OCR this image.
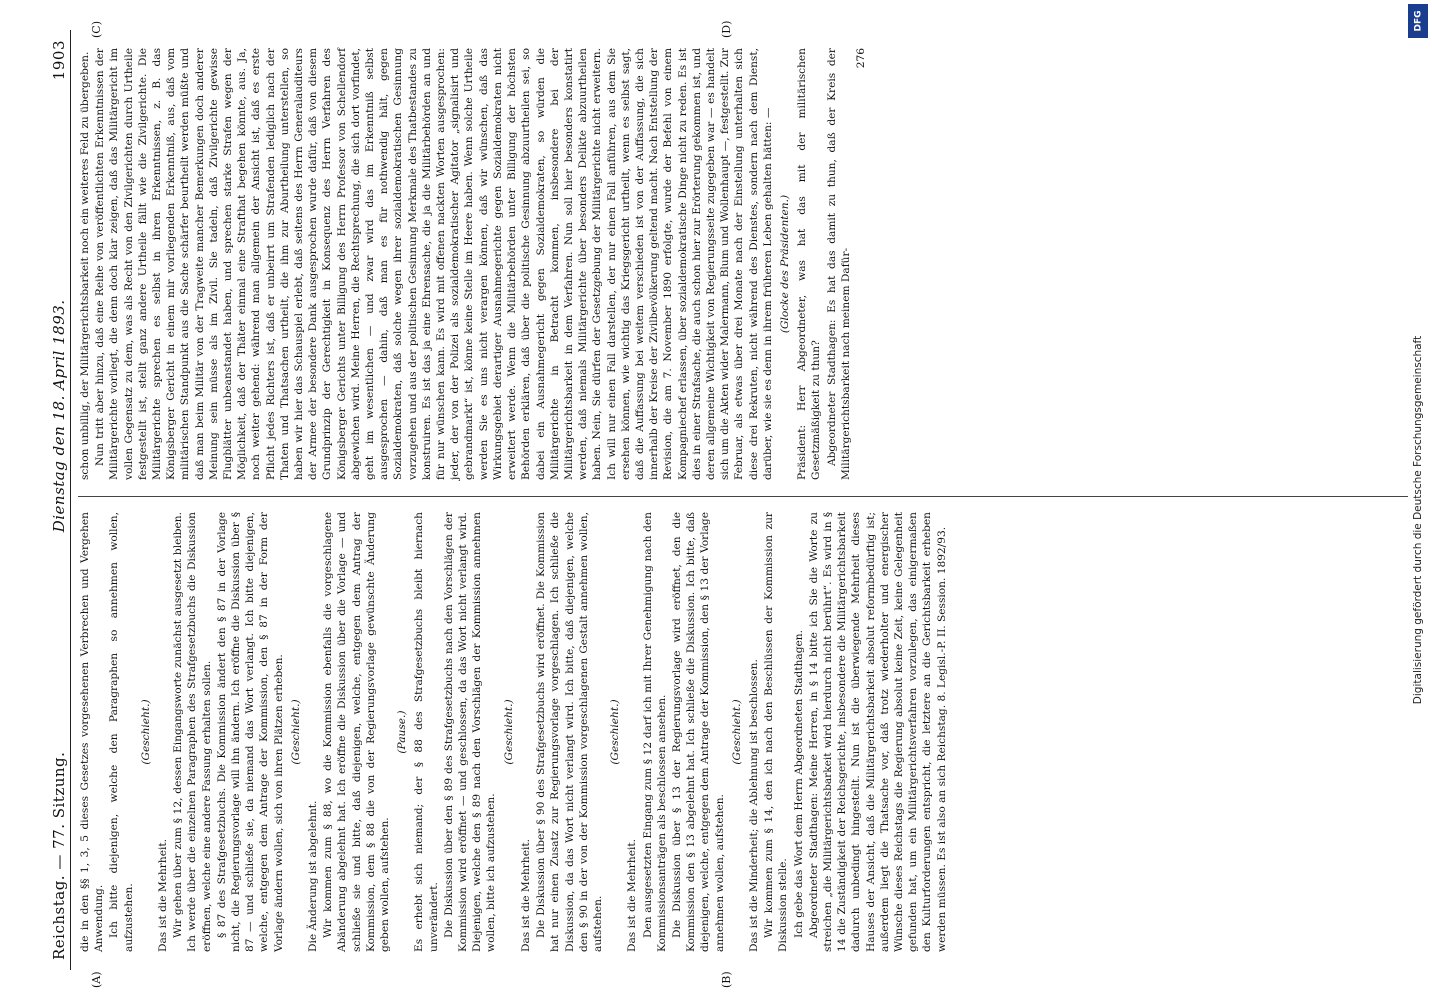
Reichstag. — 77. Sitzung.
Dienstag den 18. April 1893.
1903
(A)	(B)
(C)	(D)

die in den §§ 1, 3, 5 dieses Gesetzes vorgesehenen Verbrechen und Vergehen Anwendung. Ich bitte diejenigen, welche den Paragraphen so annehmen wollen, aufzustehen.

(Geschieht.)

Das ist die Mehrheit. Wir gehen über zum § 12, dessen Eingangsworte zunächst ausgesetzt bleiben. Ich werde über die einzelnen Paragraphen des Strafgesetzbuchs die Diskussion eröffnen, welche eine andere Fassung erhalten sollen. § 87 des Strafgesetzbuchs. Die Kommission ändert den § 87 in der Vorlage nicht, die Regierungsvorlage will ihn ändern. Ich eröffne die Diskussion über § 87 — und schließe sie, da niemand das Wort verlangt. Ich bitte diejenigen, welche, entgegen dem Antrage der Kommission, den § 87 in der Form der Vorlage ändern wollen, sich von ihren Plätzen erheben. (Geschieht.)

Die Änderung ist abgelehnt. Wir kommen zum § 88, wo die Kommission ebenfalls die vorgeschlagene Abänderung abgelehnt hat. Ich eröffne die Diskussion über die Vorlage — und schließe sie und bitte, daß diejenigen, welche, entgegen dem Antrag der Kommission, dem § 88 die von der Regierungsvorlage gewünschte Änderung geben wollen, aufstehen.

(Pause.) Es erhebt sich niemand; der § 88 des Strafgesetzbuchs bleibt hiernach unverändert. Die Diskussion über den § 89 des Strafgesetzbuchs nach den Vorschlägen der Kommission wird eröffnet — und geschlossen, da das Wort nicht verlangt wird. Diejenigen, welche den § 89 nach den Vorschlägen der Kommission annehmen wollen, bitte ich aufzustehen.

(Geschieht.)

Das ist die Mehrheit. Die Diskussion über § 90 des Strafgesetzbuchs wird eröffnet. Die Kommission hat nur einen Zusatz zur Regierungsvorlage vorgeschlagen. Ich schließe die Diskussion, da das Wort nicht verlangt wird. Ich bitte, daß diejenigen, welche den § 90 in der von der Kommission vorgeschlagenen Gestalt annehmen wollen, aufstehen.

(Geschieht.)

Das ist die Mehrheit. Den ausgesetzten Eingang zum § 12 darf ich mit Ihrer Genehmigung nach den Kommissionsanträgen als beschlossen ansehen. Die Diskussion über § 13 der Regierungsvorlage wird eröffnet, den die Kommission den § 13 abgelehnt hat. Ich schließe die Diskussion. Ich bitte, daß diejenigen, welche, entgegen dem Antrage der Kommission, den § 13 der Vorlage annehmen wollen, aufstehen.

(Geschieht.) Das ist die Minderheit; die Ablehnung ist beschlossen. Wir kommen zum § 14, den ich nach den Beschlüssen der Kommission zur Diskussion stelle. Ich gebe das Wort dem Herrn Abgeordneten Stadthagen. Abgeordneter Stadthagen: Meine Herren, in § 14 bitte ich Sie die Worte zu streichen „die Militärgerichtsbarkeit wird hierdurch nicht berührt“. Es wird in § 14 die Zuständigkeit der Reichsgerichte, insbesondere die Militärgerichtsbarkeit dadurch unbedingt hingestellt. Nun ist die überwiegende Mehrheit dieses Hauses der Ansicht, daß die Militärgerichtsbarkeit absolut reformbedürftig ist; außerdem liegt die Thatsache vor, daß trotz wiederholter und energischer Wünsche dieses Reichstags die Regierung absolut keine Zeit, keine Gelegenheit gefunden hat, um ein Militärgerichtsverfahren vorzulegen, das einigermaßen den Kulturforderungen entspricht, die letztere an die Gerichtsbarkeit erheben werden müssen. Es ist also an sich Reichstag. 8. Legisl.-P. II. Session. 1892/93.

schon unbillig, der Militärgerichtsbarkeit noch ein weiteres Feld zu übergeben. Nun tritt aber hinzu, daß eine Reihe von veröffentlichten Erkenntnissen der Militärgerichte vorliegt, die denn doch klar zeigen, daß das Militärgericht im vollen Gegensatz zu dem, was als Recht von den Zivilgerichten durch Urtheile festgestellt ist, stellt ganz andere Urtheile fällt wie die Zivilgerichte. Die Militärgerichte sprechen es selbst in ihren Erkenntnissen, z. B. das Königsberger Gericht in einem mir vorliegenden Erkenntniß, aus, daß vom militärischen Standpunkt aus die Sache schärfer beurtheilt werden müßte und daß man beim Militär von der Tragweite mancher Bemerkungen doch anderer Meinung sein müsse als im Zivil. Sie tadeln, daß Zivilgerichte gewisse Flugblätter unbeanstandet haben, und sprechen starke Strafen wegen der Möglichkeit, daß der Thäter einmal eine Strafthat begehen könnte, aus. Ja, noch weiter gehend: während man allgemein der Ansicht ist, daß es erste Pflicht jedes Richters ist, daß er unbeirrt um Strafenden lediglich nach der Thaten und Thatsachen urtheilt, die ihm zur Aburtheilung unterstellen, so haben wir hier das Schauspiel erlebt, daß seitens des Herrn Generalauditeurs der Armee der besondere Dank ausgesprochen wurde dafür, daß von diesem Grundprinzip der Gerechtigkeit in Konsequenz des Herrn Verfahren des Königsberger Gerichts unter Billigung des Herrn Professor von Schellendorf abgewichen wird. Meine Herren, die Rechtsprechung, die sich dort vorfindet, geht im wesentlichen — und zwar wird das im Erkenntniß selbst ausgesprochen — dahin, daß man es für nothwendig hält, gegen Sozialdemokraten, daß solche wegen ihrer sozialdemokratischen Gesinnung vorzugehen und aus der politischen Gesinnung Merkmale des Thatbestandes zu konstruiren. Es ist das ja eine Ehrensache, die ja die Militärbehörden an und für nur wünschen kann. Es wird mit offenen nackten Worten ausgesprochen: jeder, der von der Polizei als sozialdemokratischer Agitator „signalisirt und gebrandmarkt“ ist, könne keine Stelle im Heere haben. Wenn solche Urtheile werden Sie es uns nicht verargen können, daß wir wünschen, daß das Wirkungsgebiet derartiger Ausnahmegerichte gegen Sozialdemokraten nicht erweitert werde. Wenn die Militärbehörden unter Billigung der höchsten Behörden erklären, daß über die politische Gesinnung abzuurtheilen sei, so dabei ein Ausnahmegericht gegen Sozialdemokraten, so würden die Militärgerichte in Betracht kommen, insbesondere bei der Militärgerichtsbarkeit in dem Verfahren. Nun soll hier besonders konstatirt werden, daß niemals Militärgerichte über besonders Delikte abzuurtheilen haben. Nein, Sie dürfen der Gesetzgebung der Militärgerichte nicht erweitern. Ich will nur einen Fall darstellen, der nur einen Fall anführen, aus dem Sie ersehen können, wie wichtig das Kriegsgericht urtheilt, wenn es selbst sagt, daß die Auffassung bei weitem verschieden ist von der Auffassung, die sich innerhalb der Kreise der Zivilbevölkerung geltend macht. Nach Entstellung der Revision, die am 7. November 1890 erfolgte, wurde der Befehl von einem Kompagniechef erlassen, über sozialdemokratische Dinge nicht zu reden. Es ist dies in einer Strafsache, die auch schon hier zur Erörterung gekommen ist, und deren allgemeine Wichtigkeit von Regierungsseite zugegeben war — es handelt sich um die Akten wider Malermann, Blum und Wollenhaupt —, festgestellt. Zur Februar, als etwas über drei Monate nach der Einstellung unterhalten sich diese drei Rekruten, nicht während des Dienstes, sondern nach dem Dienst, darüber, wie sie es denn in ihrem früheren Leben gehalten hätten: — (Glocke des Präsidenten.) Präsident: Herr Abgeordneter, was hat das mit der militärischen Gesetzmäßigkeit zu thun? Abgeordneter Stadthagen: Es hat das damit zu thun, daß der Kreis der Militärgerichtsbarkeit nach meinem Dafür-

276

DFG
Digitalisierung gefördert durch die Deutsche Forschungsgemeinschaft
